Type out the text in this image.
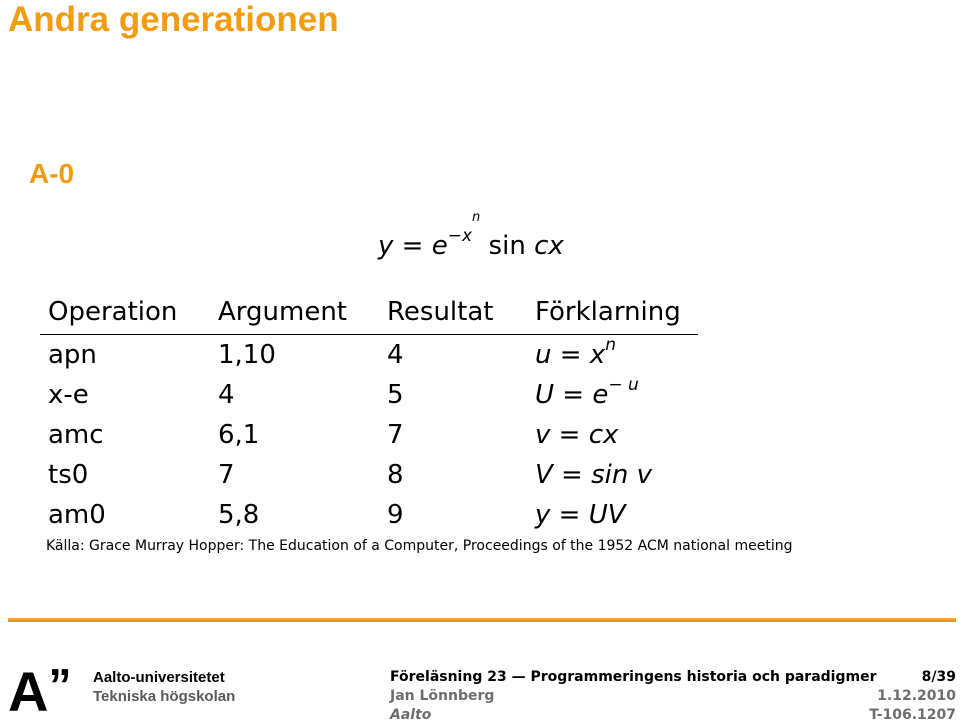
Andra generationen
A-0
$y = e^{-x^n}$ sin cx
Operation	Argument	Resultat	Förklarning
apn	1,10	4	$u = x^n$
x-e	4	5	$U = e^{- u}$
amc	6,1	7	v = cx
ts0	7	8	V = sin v
am0	5,8	9	y = UV
Källa: Grace Murray Hopper: The Education of a Computer, Proceedings of the 1952 ACM national meeting
A” Aalto-universitetet
Tekniska högskolan
Föreläsning 23 — Programmeringens historia och paradigmer
Jan Lönnberg
Aalto
8/39
1.12.2010
T-106.1207
